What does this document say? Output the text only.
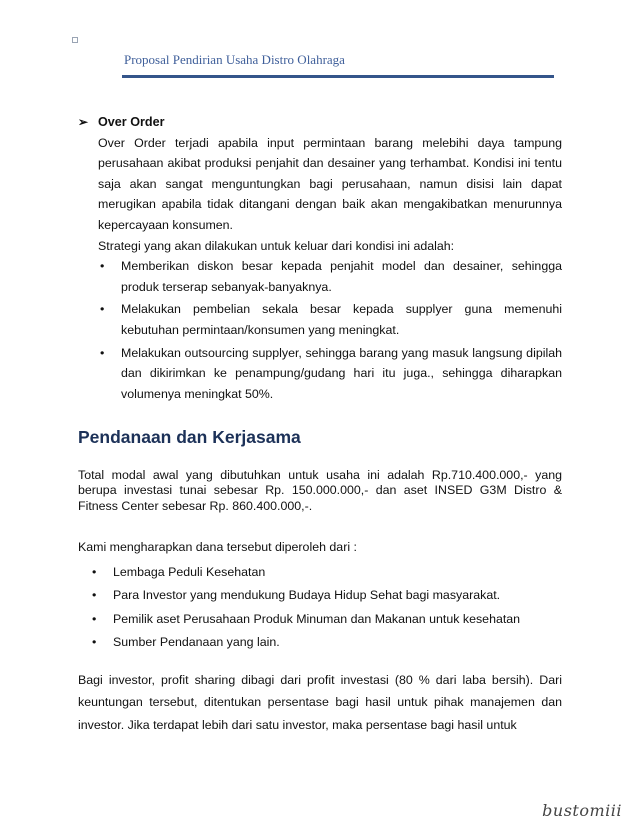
Proposal Pendirian Usaha Distro Olahraga
➢ Over Order
Over Order terjadi apabila input permintaan barang melebihi daya tampung perusahaan akibat produksi penjahit dan desainer yang terhambat. Kondisi ini tentu saja akan sangat menguntungkan bagi perusahaan, namun disisi lain dapat merugikan apabila tidak ditangani dengan baik akan mengakibatkan menurunnya kepercayaan konsumen.
Strategi yang akan dilakukan untuk keluar dari kondisi ini adalah:
• Memberikan diskon besar kepada penjahit model dan desainer, sehingga produk terserap sebanyak-banyaknya.
• Melakukan pembelian sekala besar kepada supplyer guna memenuhi kebutuhan permintaan/konsumen yang meningkat.
• Melakukan outsourcing supplyer, sehingga barang yang masuk langsung dipilah dan dikirimkan ke penampung/gudang hari itu juga., sehingga diharapkan volumenya meningkat 50%.
Pendanaan dan Kerjasama

Total modal awal yang dibutuhkan untuk usaha ini adalah Rp.710.400.000,- yang berupa investasi tunai sebesar Rp. 150.000.000,- dan aset INSED G3M Distro & Fitness Center sebesar Rp. 860.400.000,-.

Kami mengharapkan dana tersebut diperoleh dari :

• Lembaga Peduli Kesehatan
• Para Investor yang mendukung Budaya Hidup Sehat bagi masyarakat.
• Pemilik aset Perusahaan Produk Minuman dan Makanan untuk kesehatan
• Sumber Pendanaan yang lain.
Bagi investor, profit sharing dibagi dari profit investasi (80 % dari laba bersih). Dari keuntungan tersebut, ditentukan persentase bagi hasil untuk pihak manajemen dan investor. Jika terdapat lebih dari satu investor, maka persentase bagi hasil untuk
bustomiii
